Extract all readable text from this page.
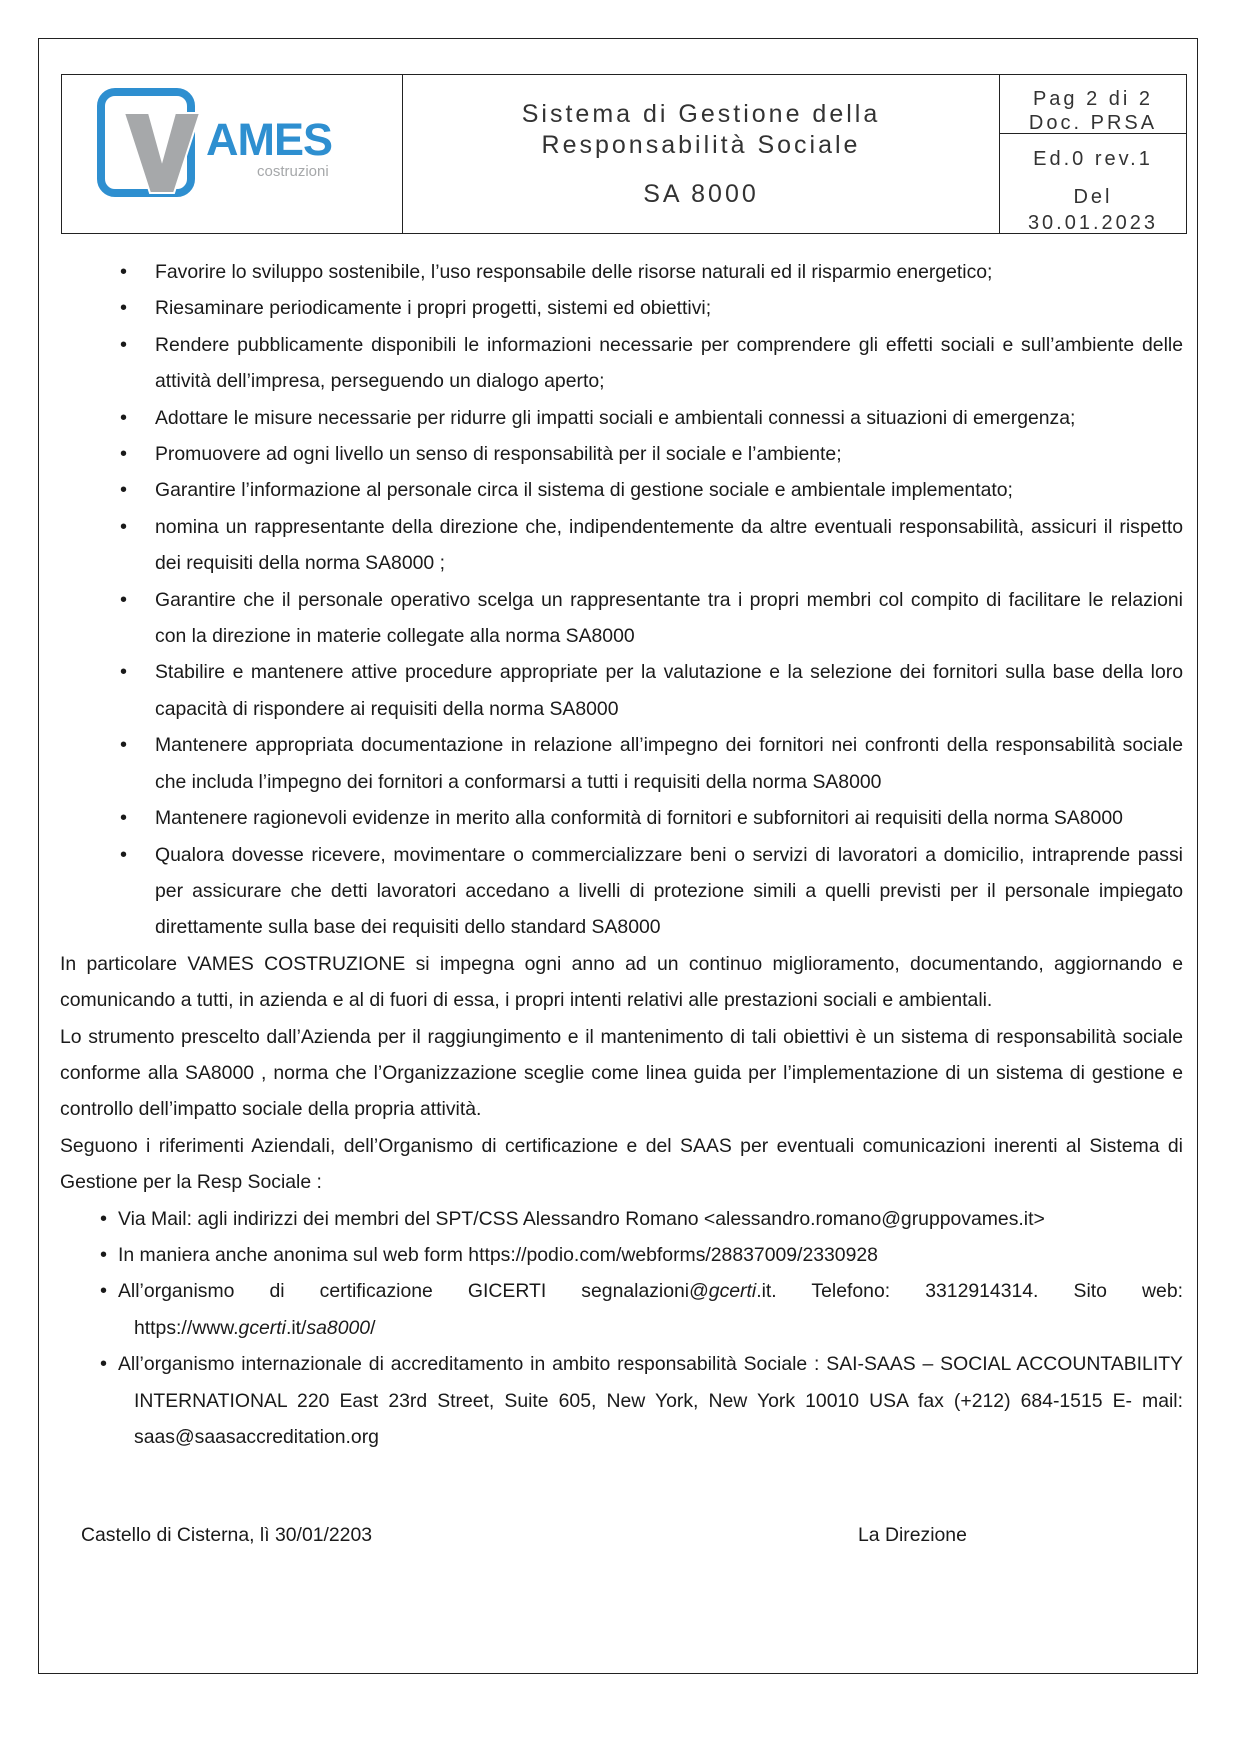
AMES
costruzioni
Sistema di Gestione della
Responsabilità Sociale
SA 8000
Pag 2 di 2
Doc. PRSA
Ed.0 rev.1
Del
30.01.2023
• Favorire lo sviluppo sostenibile, l’uso responsabile delle risorse naturali ed il risparmio energetico;
• Riesaminare periodicamente i propri progetti, sistemi ed obiettivi;
• Rendere pubblicamente disponibili le informazioni necessarie per comprendere gli effetti sociali e sull’ambiente delle attività dell’impresa, perseguendo un dialogo aperto;
• Adottare le misure necessarie per ridurre gli impatti sociali e ambientali connessi a situazioni di emergenza;
• Promuovere ad ogni livello un senso di responsabilità per il sociale e l’ambiente;
• Garantire l’informazione al personale circa il sistema di gestione sociale e ambientale implementato;
• nomina un rappresentante della direzione che, indipendentemente da altre eventuali responsabilità, assicuri il rispetto dei requisiti della norma SA8000 ;
• Garantire che il personale operativo scelga un rappresentante tra i propri membri col compito di facilitare le relazioni con la direzione in materie collegate alla norma SA8000
• Stabilire e mantenere attive procedure appropriate per la valutazione e la selezione dei fornitori sulla base della loro capacità di rispondere ai requisiti della norma SA8000
• Mantenere appropriata documentazione in relazione all’impegno dei fornitori nei confronti della responsabilità sociale che includa l’impegno dei fornitori a conformarsi a tutti i requisiti della norma SA8000
• Mantenere ragionevoli evidenze in merito alla conformità di fornitori e subfornitori ai requisiti della norma SA8000
• Qualora dovesse ricevere, movimentare o commercializzare beni o servizi di lavoratori a domicilio, intraprende passi per assicurare che detti lavoratori accedano a livelli di protezione simili a quelli previsti per il personale impiegato direttamente sulla base dei requisiti dello standard SA8000

In particolare VAMES COSTRUZIONE si impegna ogni anno ad un continuo miglioramento, documentando, aggiornando e comunicando a tutti, in azienda e al di fuori di essa, i propri intenti relativi alle prestazioni sociali e ambientali.

Lo strumento prescelto dall’Azienda per il raggiungimento e il mantenimento di tali obiettivi è un sistema di responsabilità sociale conforme alla SA8000 , norma che l’Organizzazione sceglie come linea guida per l’implementazione di un sistema di gestione e controllo dell’impatto sociale della propria attività.

Seguono i riferimenti Aziendali, dell’Organismo di certificazione e del SAAS per eventuali comunicazioni inerenti al Sistema di Gestione per la Resp Sociale :

• Via Mail: agli indirizzi dei membri del SPT/CSS Alessandro Romano <alessandro.romano@gruppovames.it>
• In maniera anche anonima sul web form https://podio.com/webforms/28837009/2330928
• All’organismo di certificazione GICERTI segnalazioni@gcerti.it. Telefono: 3312914314. Sito web: https://www.gcerti.it/sa8000/
• All’organismo internazionale di accreditamento in ambito responsabilità Sociale : SAI-SAAS – SOCIAL ACCOUNTABILITY INTERNATIONAL 220 East 23rd Street, Suite 605, New York, New York 10010 USA fax (+212) 684-1515 E- mail: saas@saasaccreditation.org
Castello di Cisterna, lì 30/01/2203	La Direzione
